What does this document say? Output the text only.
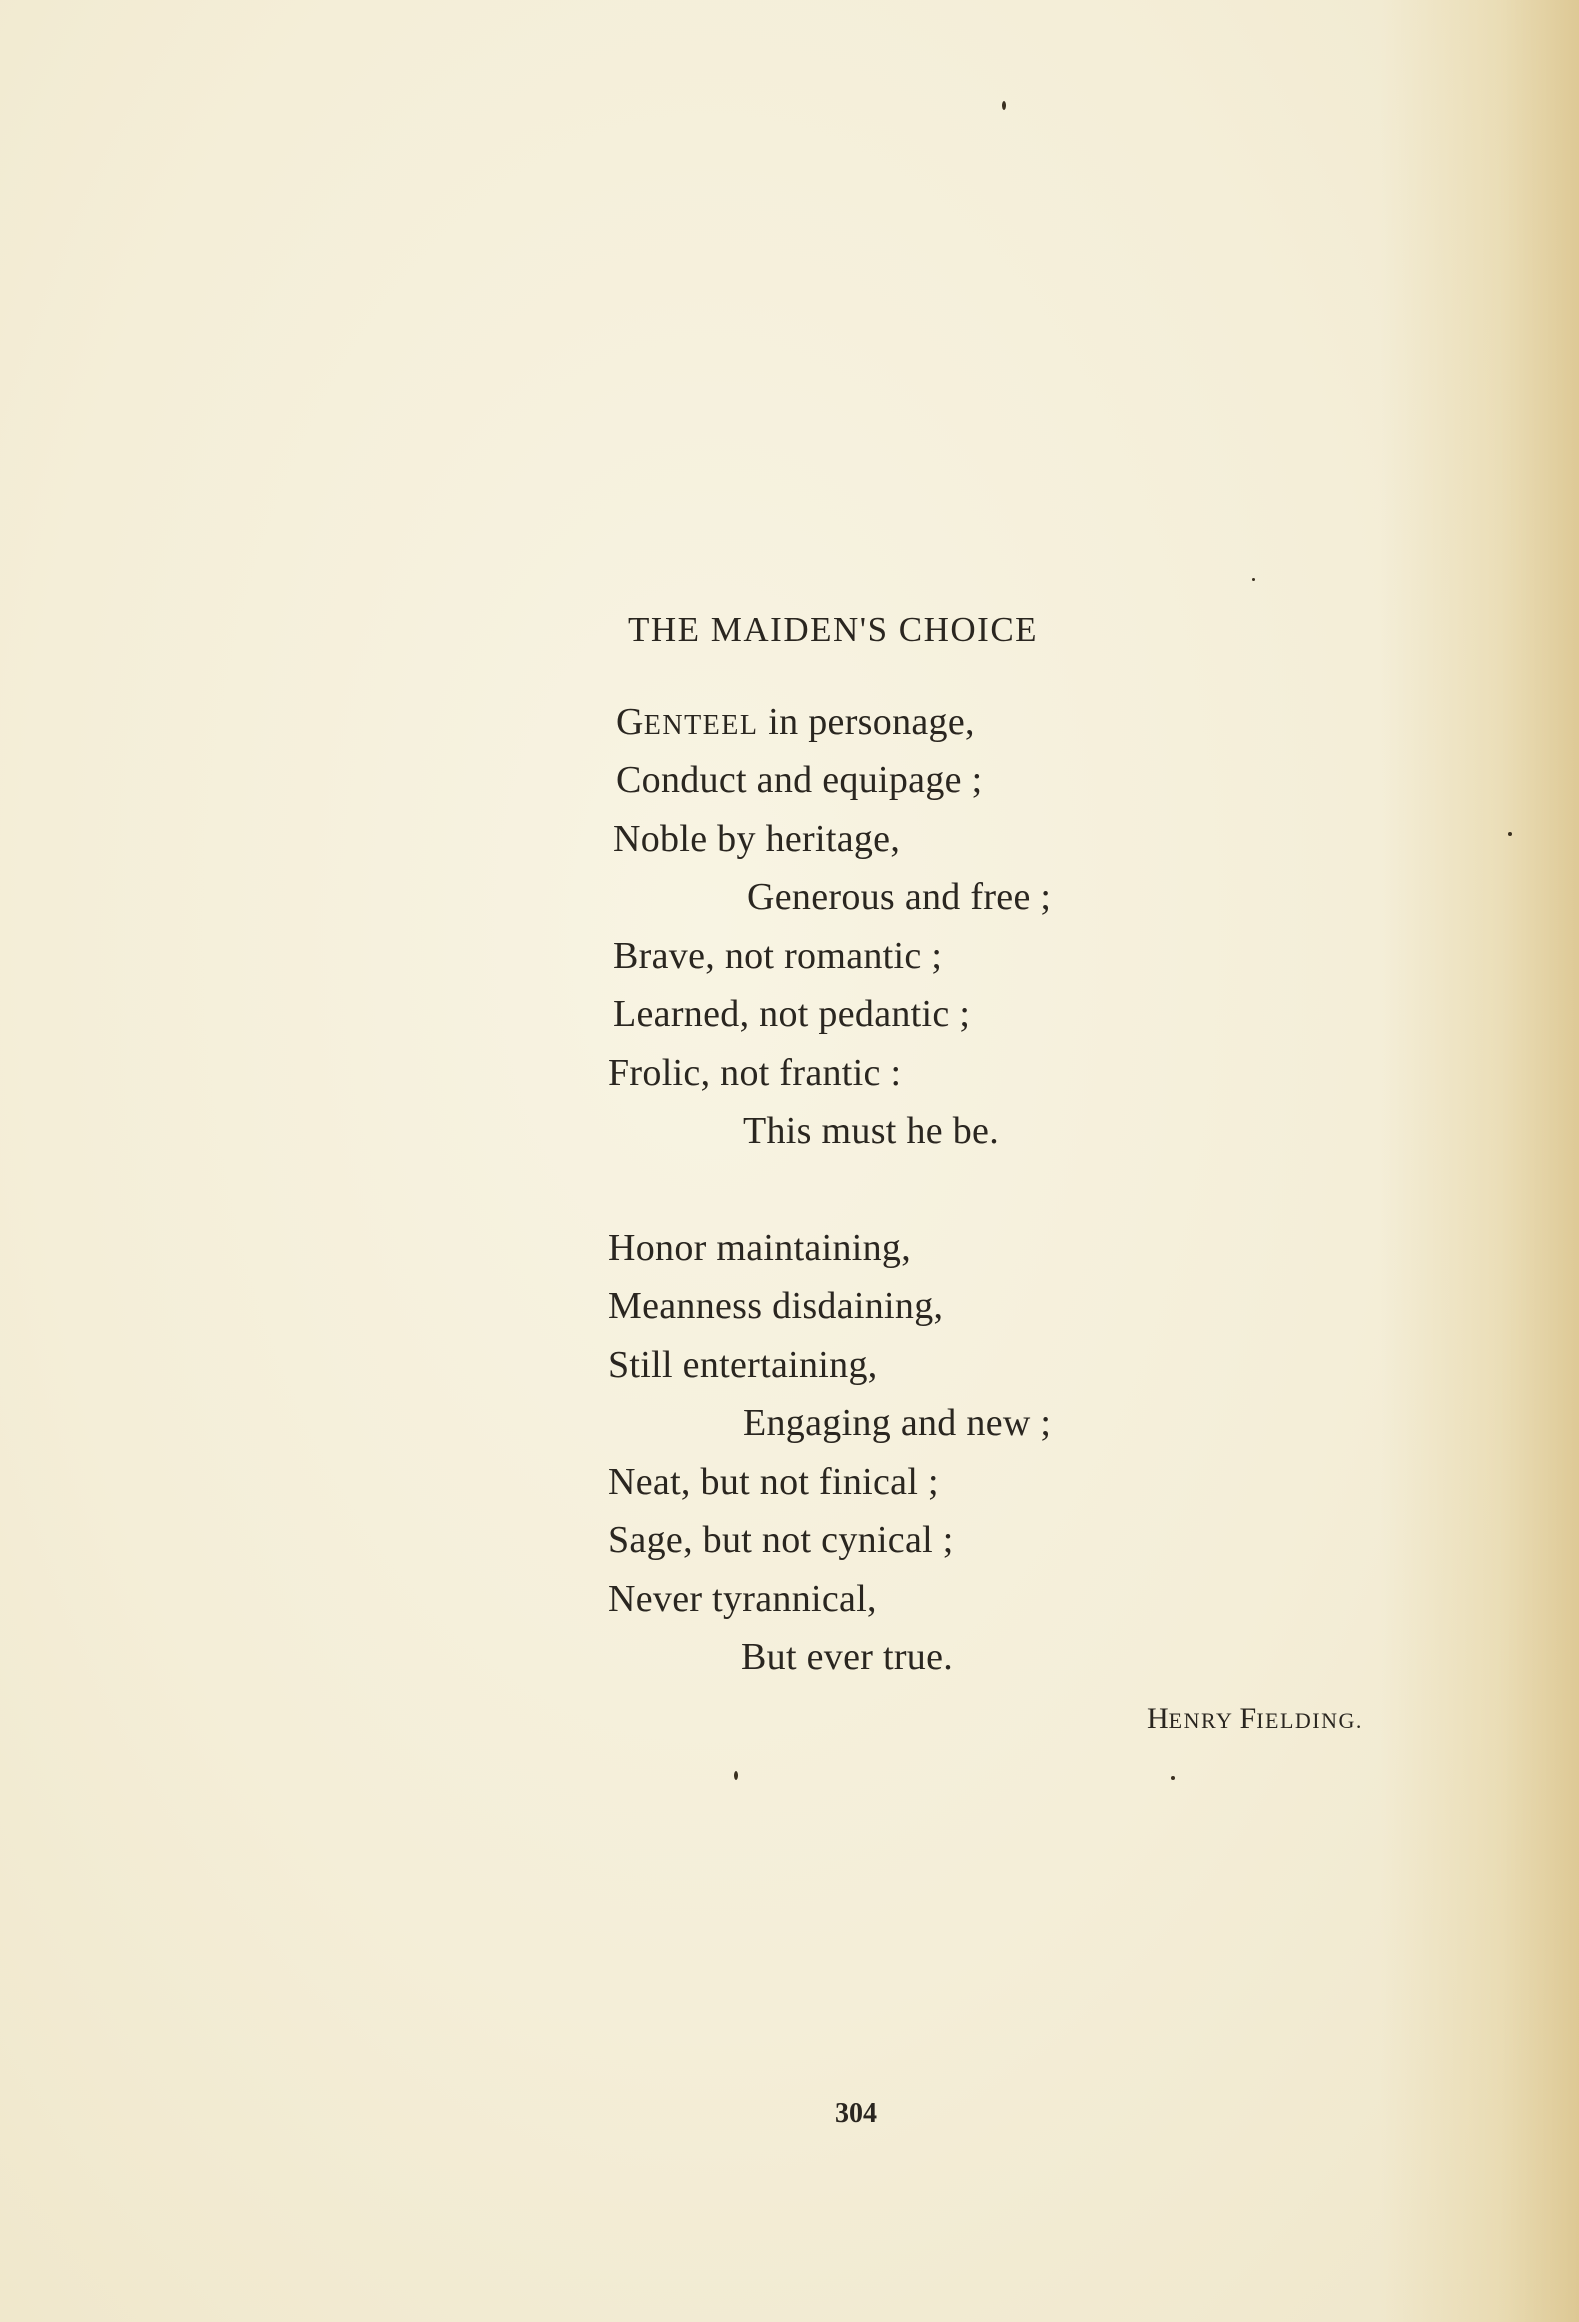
THE MAIDEN'S CHOICE
GENTEEL in personage,
Conduct and equipage ;
Noble by heritage,
Generous and free ;
Brave, not romantic ;
Learned, not pedantic ;
Frolic, not frantic :
This must he be.
Honor maintaining,
Meanness disdaining,
Still entertaining,
Engaging and new ;
Neat, but not finical ;
Sage, but not cynical ;
Never tyrannical,
But ever true.
HENRY FIELDING.
304
